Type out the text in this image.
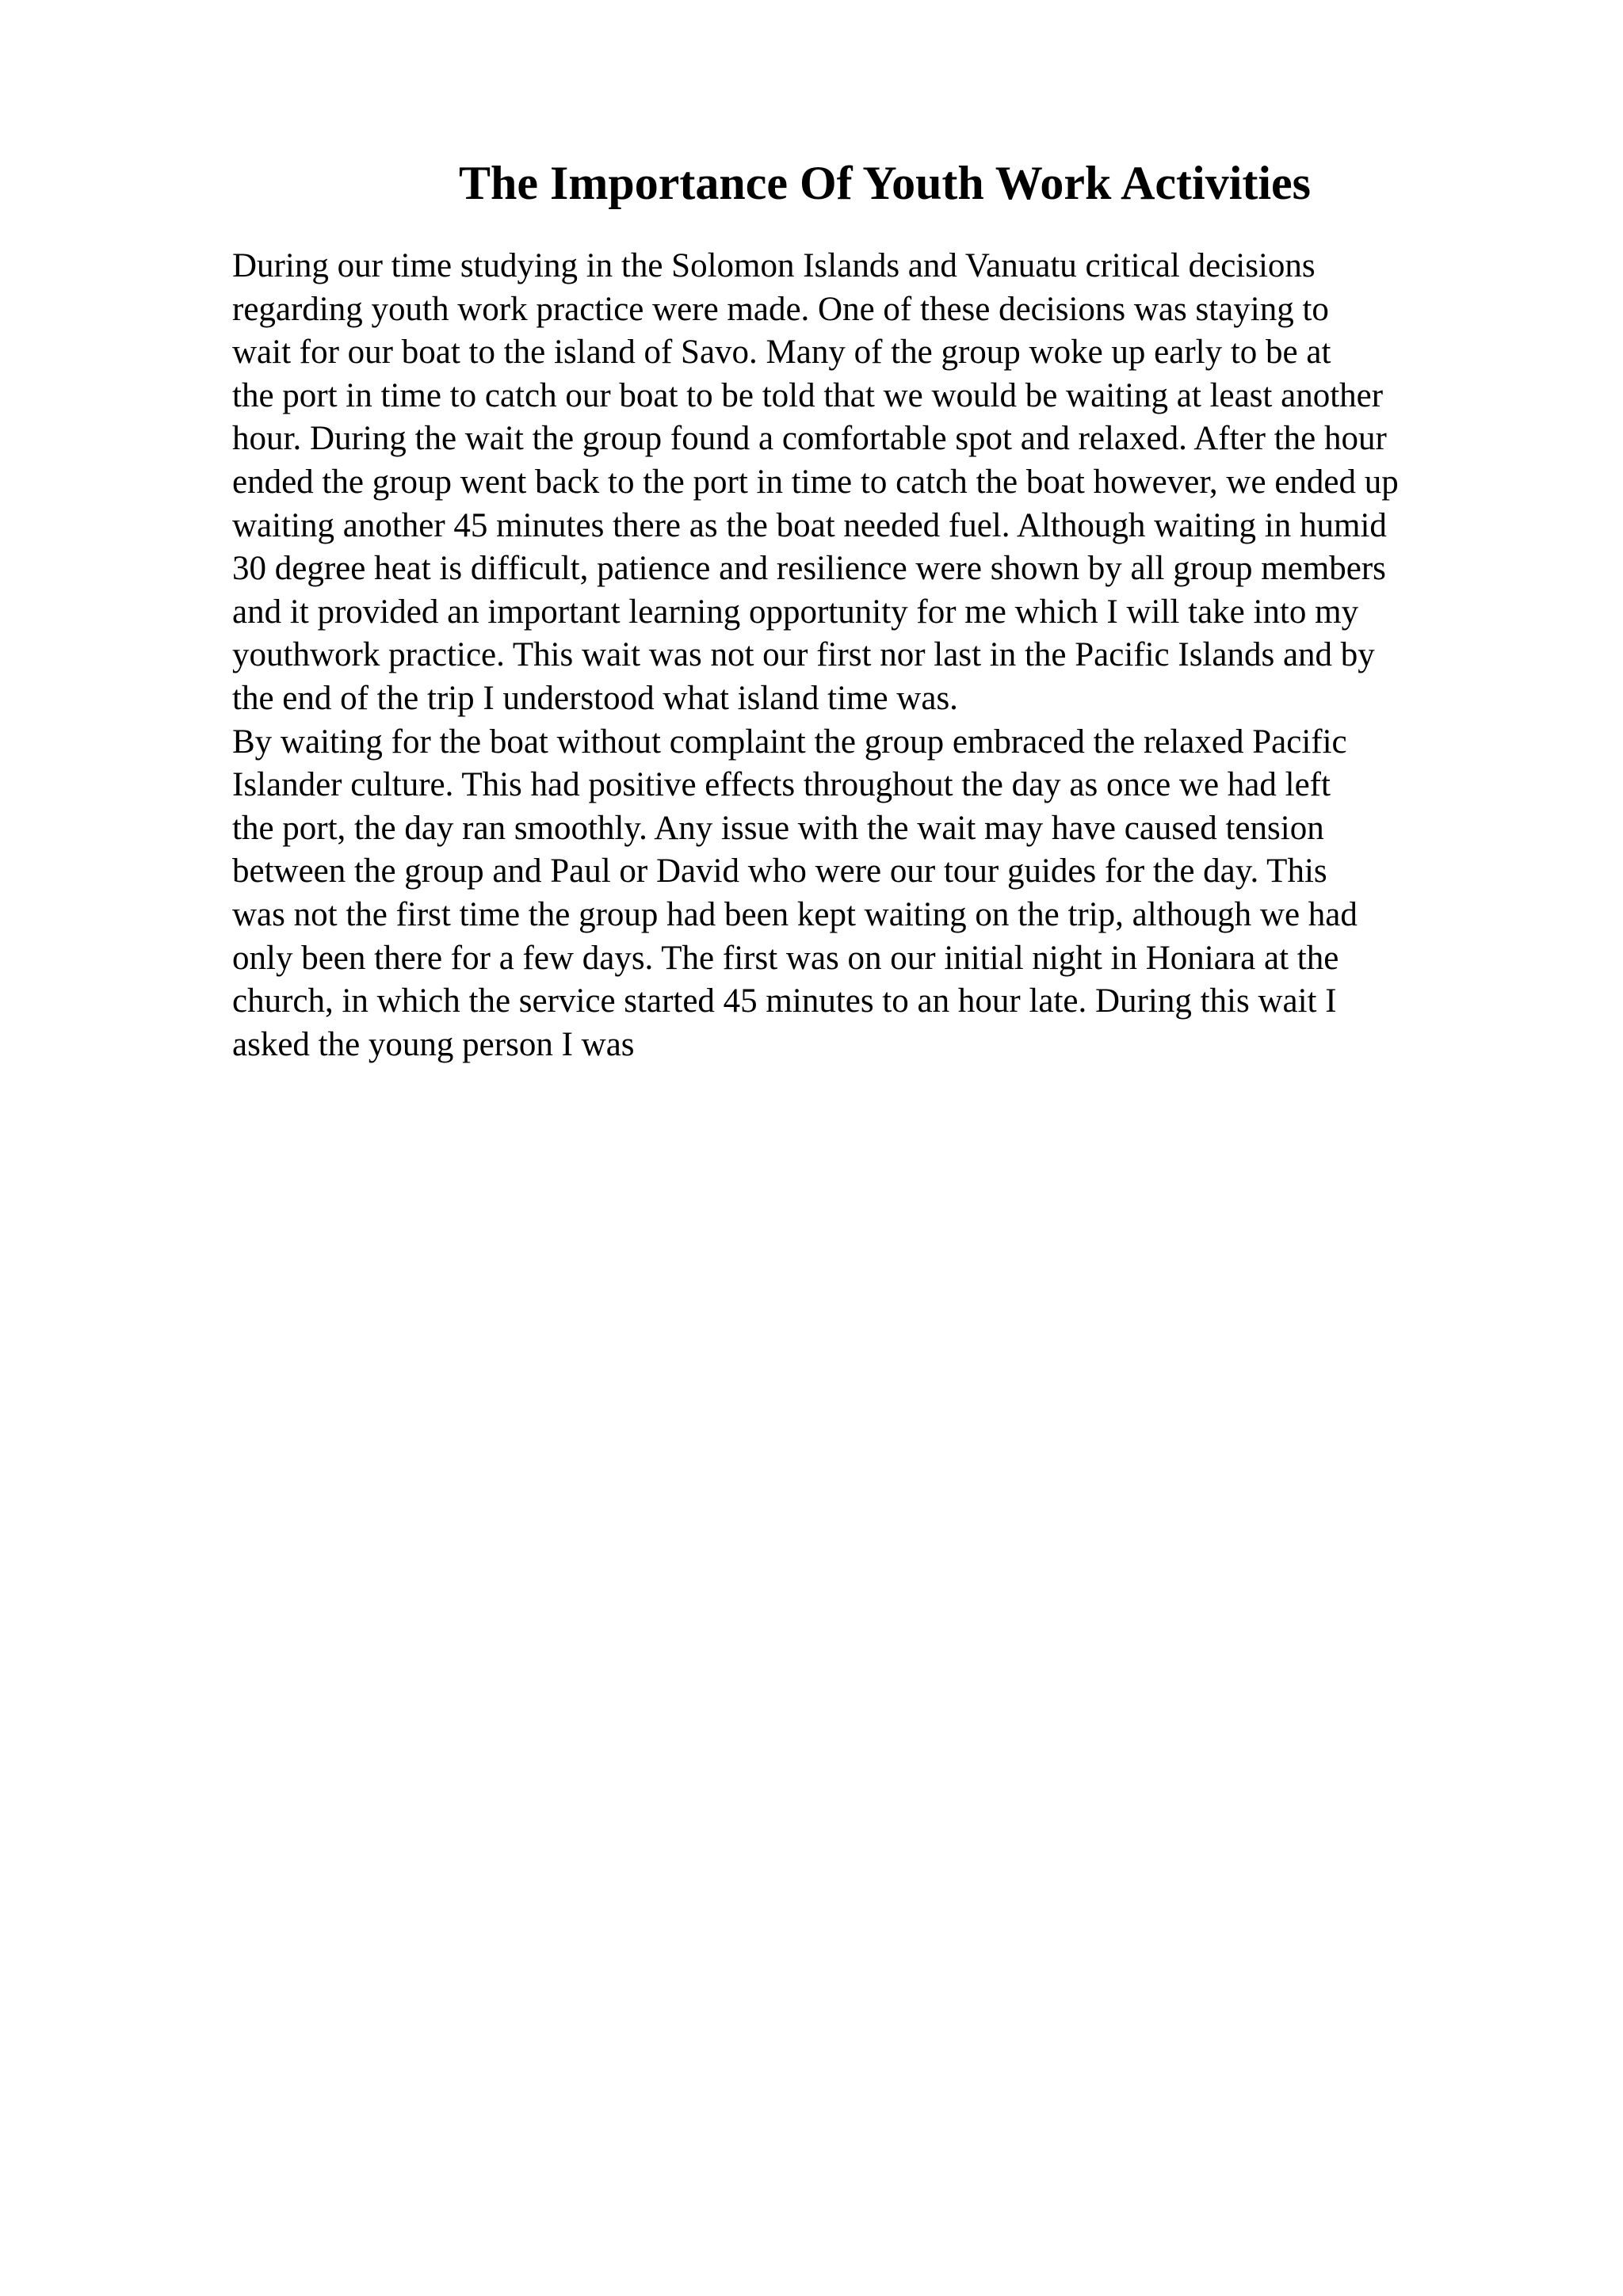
The Importance Of Youth Work Activities
During our time studying in the Solomon Islands and Vanuatu critical decisions
regarding youth work practice were made. One of these decisions was staying to
wait for our boat to the island of Savo. Many of the group woke up early to be at
the port in time to catch our boat to be told that we would be waiting at least another
hour. During the wait the group found a comfortable spot and relaxed. After the hour
ended the group went back to the port in time to catch the boat however, we ended up
waiting another 45 minutes there as the boat needed fuel. Although waiting in humid
30 degree heat is difficult, patience and resilience were shown by all group members
and it provided an important learning opportunity for me which I will take into my
youthwork practice. This wait was not our first nor last in the Pacific Islands and by
the end of the trip I understood what island time was.
By waiting for the boat without complaint the group embraced the relaxed Pacific
Islander culture. This had positive effects throughout the day as once we had left
the port, the day ran smoothly. Any issue with the wait may have caused tension
between the group and Paul or David who were our tour guides for the day. This
was not the first time the group had been kept waiting on the trip, although we had
only been there for a few days. The first was on our initial night in Honiara at the
church, in which the service started 45 minutes to an hour late. During this wait I
asked the young person I was
